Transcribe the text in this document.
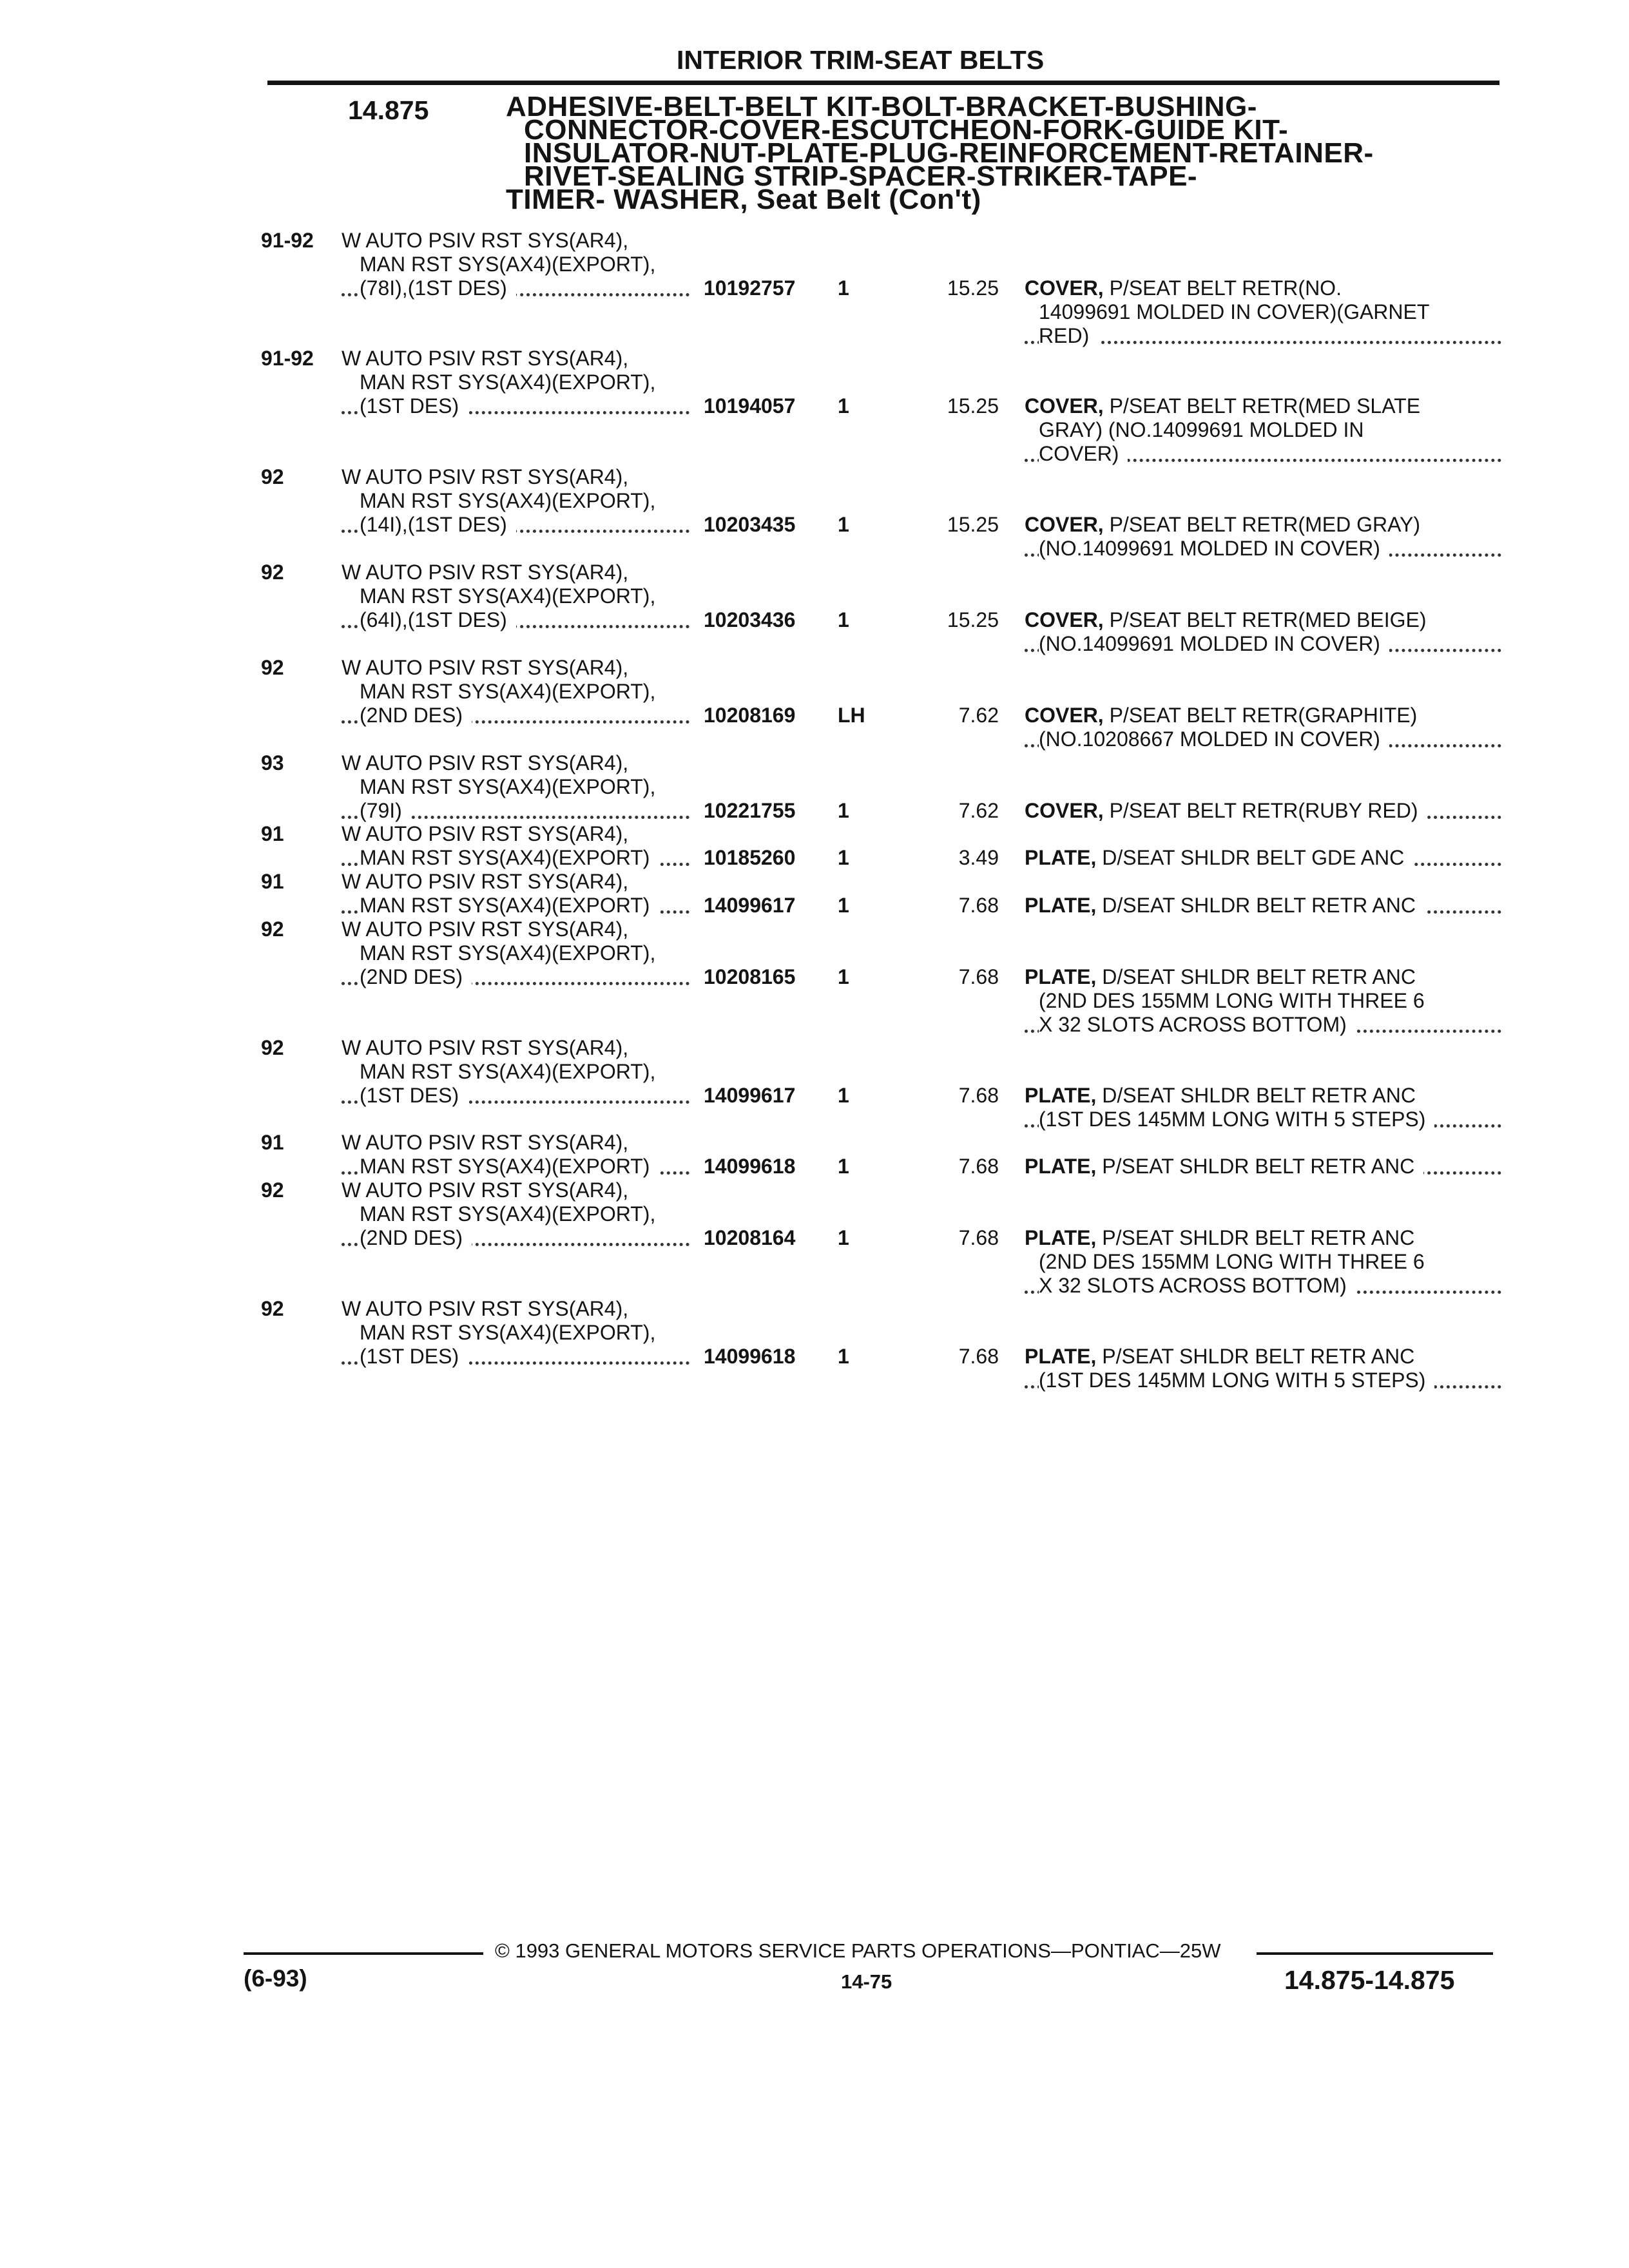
INTERIOR TRIM-SEAT BELTS
14.875	ADHESIVE-BELT-BELT KIT-BOLT-BRACKET-BUSHING-
CONNECTOR-COVER-ESCUTCHEON-FORK-GUIDE KIT-
INSULATOR-NUT-PLATE-PLUG-REINFORCEMENT-RETAINER-
RIVET-SEALING STRIP-SPACER-STRIKER-TAPE-
TIMER- WASHER, Seat Belt (Con't)
91-92 W AUTO PSIV RST SYS(AR4),
MAN RST SYS(AX4)(EXPORT),
(78I),(1ST DES)	10192757 1	15.25 COVER, P/SEAT BELT RETR(NO.
14099691 MOLDED IN COVER)(GARNET
RED)
91-92 W AUTO PSIV RST SYS(AR4),
MAN RST SYS(AX4)(EXPORT),
(1ST DES)	10194057 1	15.25 COVER, P/SEAT BELT RETR(MED SLATE
GRAY) (NO.14099691 MOLDED IN
COVER)
92	W AUTO PSIV RST SYS(AR4),
MAN RST SYS(AX4)(EXPORT),
(14I),(1ST DES)	10203435 1	15.25 COVER, P/SEAT BELT RETR(MED GRAY)
(NO.14099691 MOLDED IN COVER)
92	W AUTO PSIV RST SYS(AR4),
MAN RST SYS(AX4)(EXPORT),
(64I),(1ST DES)	10203436 1	15.25 COVER, P/SEAT BELT RETR(MED BEIGE)
(NO.14099691 MOLDED IN COVER)
92	W AUTO PSIV RST SYS(AR4),
MAN RST SYS(AX4)(EXPORT),
(2ND DES)	10208169 LH	7.62 COVER, P/SEAT BELT RETR(GRAPHITE)
(NO.10208667 MOLDED IN COVER)
93	W AUTO PSIV RST SYS(AR4),
MAN RST SYS(AX4)(EXPORT),
(79I)	10221755 1	7.62 COVER, P/SEAT BELT RETR(RUBY RED)
91	W AUTO PSIV RST SYS(AR4),
MAN RST SYS(AX4)(EXPORT)	10185260 1	3.49 PLATE, D/SEAT SHLDR BELT GDE ANC
91	W AUTO PSIV RST SYS(AR4),
MAN RST SYS(AX4)(EXPORT)	14099617 1	7.68 PLATE, D/SEAT SHLDR BELT RETR ANC
92	W AUTO PSIV RST SYS(AR4),
MAN RST SYS(AX4)(EXPORT),
(2ND DES)	10208165 1	7.68 PLATE, D/SEAT SHLDR BELT RETR ANC
(2ND DES 155MM LONG WITH THREE 6
X 32 SLOTS ACROSS BOTTOM)
92	W AUTO PSIV RST SYS(AR4),
MAN RST SYS(AX4)(EXPORT),
(1ST DES)	14099617 1	7.68 PLATE, D/SEAT SHLDR BELT RETR ANC
(1ST DES 145MM LONG WITH 5 STEPS)
91	W AUTO PSIV RST SYS(AR4),
MAN RST SYS(AX4)(EXPORT)	14099618 1	7.68 PLATE, P/SEAT SHLDR BELT RETR ANC
92	W AUTO PSIV RST SYS(AR4),
MAN RST SYS(AX4)(EXPORT),
(2ND DES)	10208164 1	7.68 PLATE, P/SEAT SHLDR BELT RETR ANC
(2ND DES 155MM LONG WITH THREE 6
X 32 SLOTS ACROSS BOTTOM)
92	W AUTO PSIV RST SYS(AR4),
MAN RST SYS(AX4)(EXPORT),
(1ST DES)	14099618 1	7.68 PLATE, P/SEAT SHLDR BELT RETR ANC
(1ST DES 145MM LONG WITH 5 STEPS)
© 1993 GENERAL MOTORS SERVICE PARTS OPERATIONS—PONTIAC—25W
(6-93)	14-75	14.875-14.875
